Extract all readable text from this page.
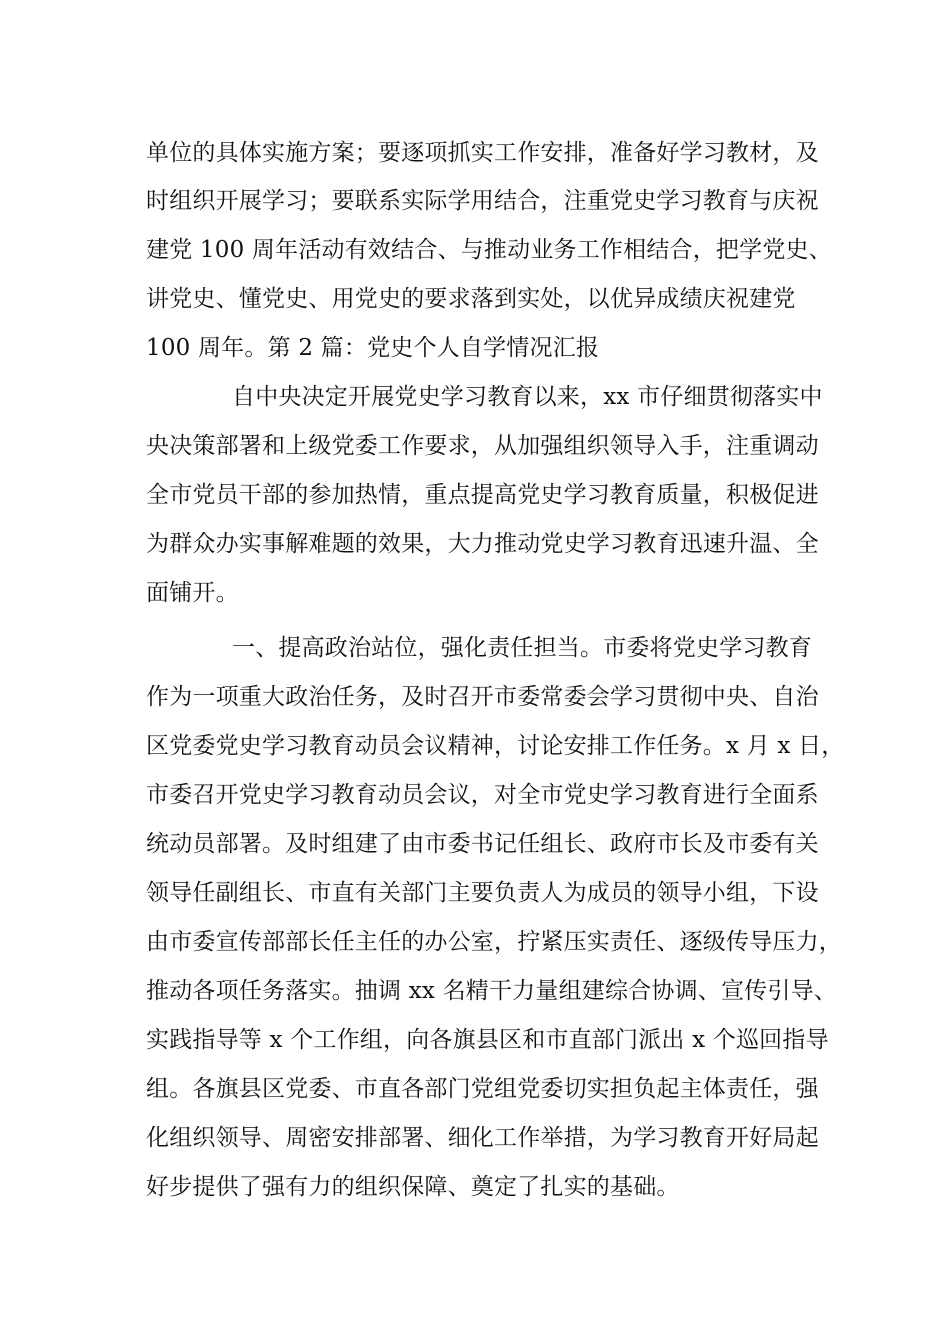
单位的具体实施方案；要逐项抓实工作安排，准备好学习教材，及
时组织开展学习；要联系实际学用结合，注重党史学习教育与庆祝
建党 100 周年活动有效结合、与推动业务工作相结合，把学党史、
讲党史、懂党史、用党史的要求落到实处，以优异成绩庆祝建党
100 周年。第 2 篇：党史个人自学情况汇报
自中央决定开展党史学习教育以来，xx 市仔细贯彻落实中
央决策部署和上级党委工作要求，从加强组织领导入手，注重调动
全市党员干部的参加热情，重点提高党史学习教育质量，积极促进
为群众办实事解难题的效果，大力推动党史学习教育迅速升温、全
面铺开。
一、提高政治站位，强化责任担当。市委将党史学习教育
作为一项重大政治任务，及时召开市委常委会学习贯彻中央、自治
区党委党史学习教育动员会议精神，讨论安排工作任务。x 月 x 日，
市委召开党史学习教育动员会议，对全市党史学习教育进行全面系
统动员部署。及时组建了由市委书记任组长、政府市长及市委有关
领导任副组长、市直有关部门主要负责人为成员的领导小组，下设
由市委宣传部部长任主任的办公室，拧紧压实责任、逐级传导压力，
推动各项任务落实。抽调 xx 名精干力量组建综合协调、宣传引导、
实践指导等 x 个工作组，向各旗县区和市直部门派出 x 个巡回指导
组。各旗县区党委、市直各部门党组党委切实担负起主体责任，强
化组织领导、周密安排部署、细化工作举措，为学习教育开好局起
好步提供了强有力的组织保障、奠定了扎实的基础。
